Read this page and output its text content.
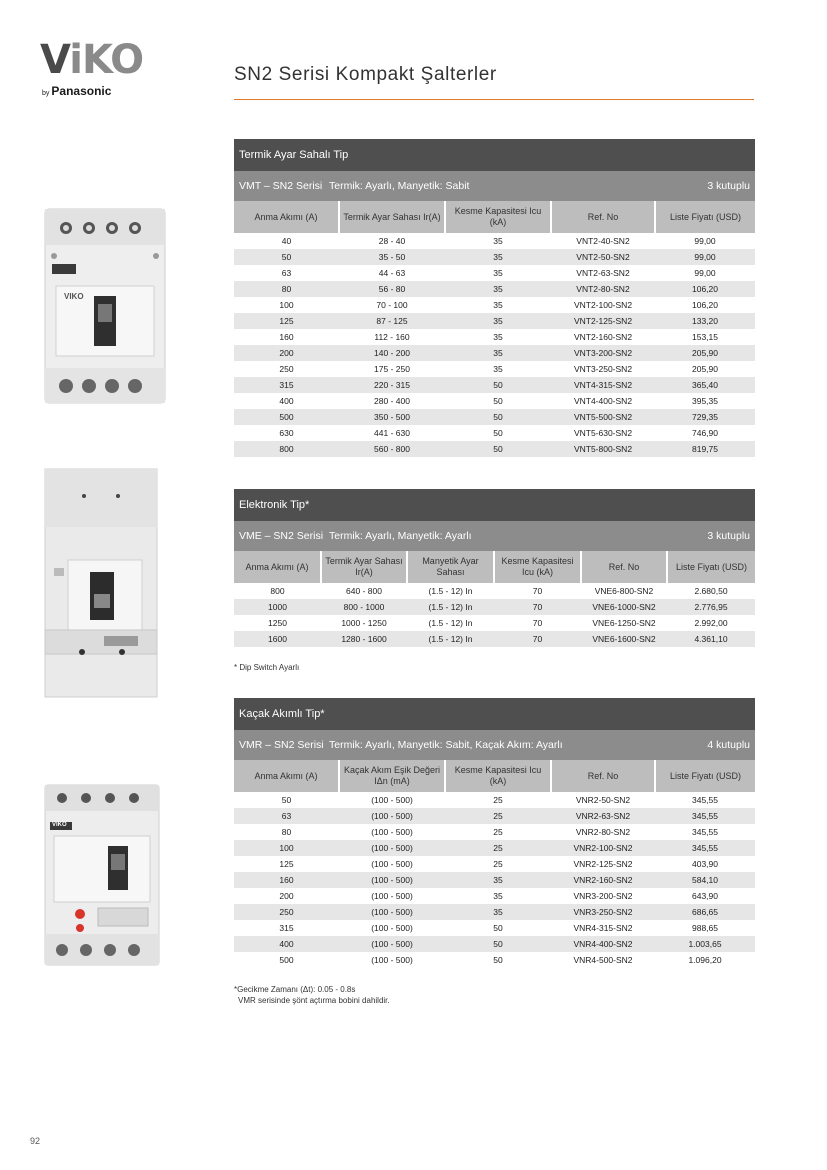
ViKO
by Panasonic
SN2 Serisi Kompakt Şalterler
VIKO
VIKO
Termik Ayar Sahalı Tip
VMT – SN2 Serisi Termik: Ayarlı, Manyetik: Sabit	3 kutuplu
Anma Akımı (A)	Termik Ayar Sahası Ir(A)	Kesme Kapasitesi Icu (kA)	Ref. No	Liste Fiyatı (USD)
40	28 - 40	35	VNT2-40-SN2	99,00
50	35 - 50	35	VNT2-50-SN2	99,00
63	44 - 63	35	VNT2-63-SN2	99,00
80	56 - 80	35	VNT2-80-SN2	106,20
100	70 - 100	35	VNT2-100-SN2	106,20
125	87 - 125	35	VNT2-125-SN2	133,20
160	112 - 160	35	VNT2-160-SN2	153,15
200	140 - 200	35	VNT3-200-SN2	205,90
250	175 - 250	35	VNT3-250-SN2	205,90
315	220 - 315	50	VNT4-315-SN2	365,40
400	280 - 400	50	VNT4-400-SN2	395,35
500	350 - 500	50	VNT5-500-SN2	729,35
630	441 - 630	50	VNT5-630-SN2	746,90
800	560 - 800	50	VNT5-800-SN2	819,75
Elektronik Tip*
VME – SN2 Serisi Termik: Ayarlı, Manyetik: Ayarlı	3 kutuplu
Anma Akımı (A)	Termik Ayar Sahası Ir(A)	Manyetik Ayar Sahası	Kesme Kapasitesi Icu (kA)	Ref. No	Liste Fiyatı (USD)
800	640 - 800	(1.5 - 12) In	70	VNE6-800-SN2	2.680,50
1000	800 - 1000	(1.5 - 12) In	70	VNE6-1000-SN2	2.776,95
1250	1000 - 1250	(1.5 - 12) In	70	VNE6-1250-SN2	2.992,00
1600	1280 - 1600	(1.5 - 12) In	70	VNE6-1600-SN2	4.361,10
* Dip Switch Ayarlı
Kaçak Akımlı Tip*
VMR – SN2 Serisi Termik: Ayarlı, Manyetik: Sabit, Kaçak Akım: Ayarlı	4 kutuplu
Anma Akımı (A)	Kaçak Akım Eşik Değeri IΔn (mA)	Kesme Kapasitesi Icu (kA)	Ref. No	Liste Fiyatı (USD)
50	(100 - 500)	25	VNR2-50-SN2	345,55
63	(100 - 500)	25	VNR2-63-SN2	345,55
80	(100 - 500)	25	VNR2-80-SN2	345,55
100	(100 - 500)	25	VNR2-100-SN2	345,55
125	(100 - 500)	25	VNR2-125-SN2	403,90
160	(100 - 500)	35	VNR2-160-SN2	584,10
200	(100 - 500)	35	VNR3-200-SN2	643,90
250	(100 - 500)	35	VNR3-250-SN2	686,65
315	(100 - 500)	50	VNR4-315-SN2	988,65
400	(100 - 500)	50	VNR4-400-SN2	1.003,65
500	(100 - 500)	50	VNR4-500-SN2	1.096,20
*Gecikme Zamanı (Δt): 0.05 - 0.8s
VMR serisinde şönt açtırma bobini dahildir.
92
